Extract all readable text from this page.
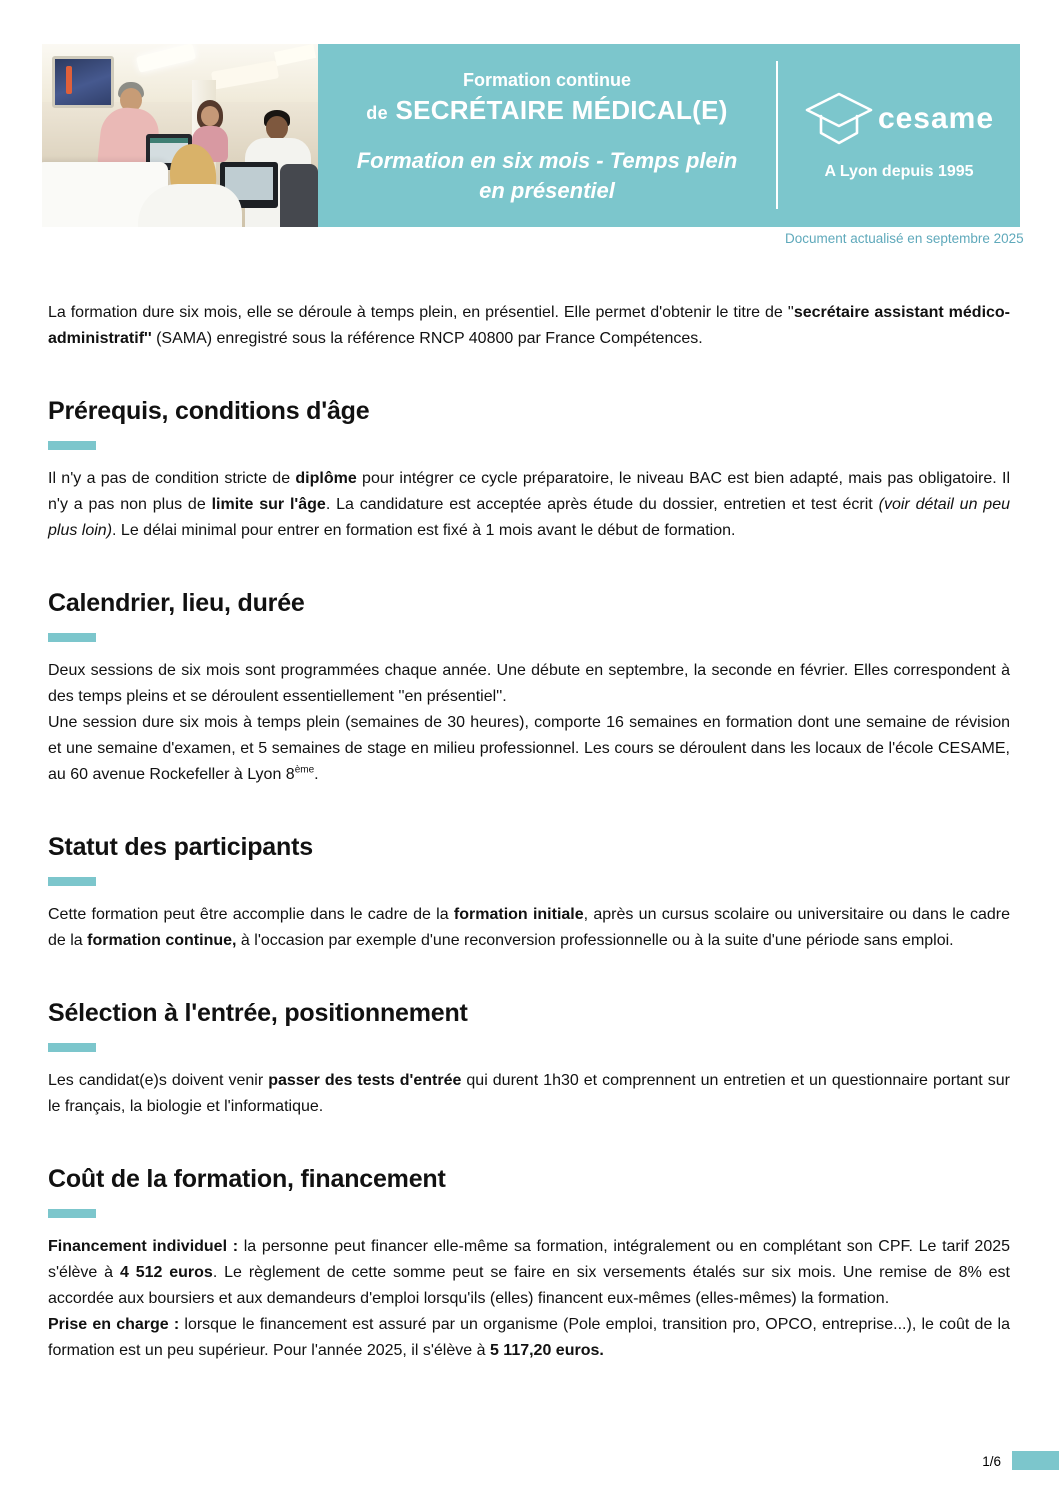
Formation continue
de SECRÉTAIRE MÉDICAL(E)
Formation en six mois - Temps plein
en présentiel
cesame
A Lyon depuis 1995
Document actualisé en septembre 2025

La formation dure six mois, elle se déroule à temps plein, en présentiel. Elle permet d'obtenir le titre de ''secrétaire assistant médico-administratif'' (SAMA) enregistré sous la référence RNCP 40800 par France Compétences.

Prérequis, conditions d'âge

Il n'y a pas de condition stricte de diplôme pour intégrer ce cycle préparatoire, le niveau BAC est bien adapté, mais pas obligatoire. Il n'y a pas non plus de limite sur l'âge. La candidature est acceptée après étude du dossier, entretien et test écrit (voir détail un peu plus loin). Le délai minimal pour entrer en formation est fixé à 1 mois avant le début de formation.

Calendrier, lieu, durée

Deux sessions de six mois sont programmées chaque année. Une débute en septembre, la seconde en février. Elles correspondent à des temps pleins et se déroulent essentiellement ''en présentiel''.

Une session dure six mois à temps plein (semaines de 30 heures), comporte 16 semaines en formation dont une semaine de révision et une semaine d'examen, et 5 semaines de stage en milieu professionnel. Les cours se déroulent dans les locaux de l'école CESAME, au 60 avenue Rockefeller à Lyon 8ème.

Statut des participants

Cette formation peut être accomplie dans le cadre de la formation initiale, après un cursus scolaire ou universitaire ou dans le cadre de la formation continue, à l'occasion par exemple d'une reconversion professionnelle ou à la suite d'une période sans emploi.

Sélection à l'entrée, positionnement

Les candidat(e)s doivent venir passer des tests d'entrée qui durent 1h30 et comprennent un entretien et un questionnaire portant sur le français, la biologie et l'informatique.

Coût de la formation, financement

Financement individuel : la personne peut financer elle-même sa formation, intégralement ou en complétant son CPF. Le tarif 2025 s'élève à 4 512 euros. Le règlement de cette somme peut se faire en six versements étalés sur six mois. Une remise de 8% est accordée aux boursiers et aux demandeurs d'emploi lorsqu'ils (elles) financent eux-mêmes (elles-mêmes) la formation.

Prise en charge : lorsque le financement est assuré par un organisme (Pole emploi, transition pro, OPCO, entreprise...), le coût de la formation est un peu supérieur. Pour l'année 2025, il s'élève à 5 117,20 euros.

1/6
